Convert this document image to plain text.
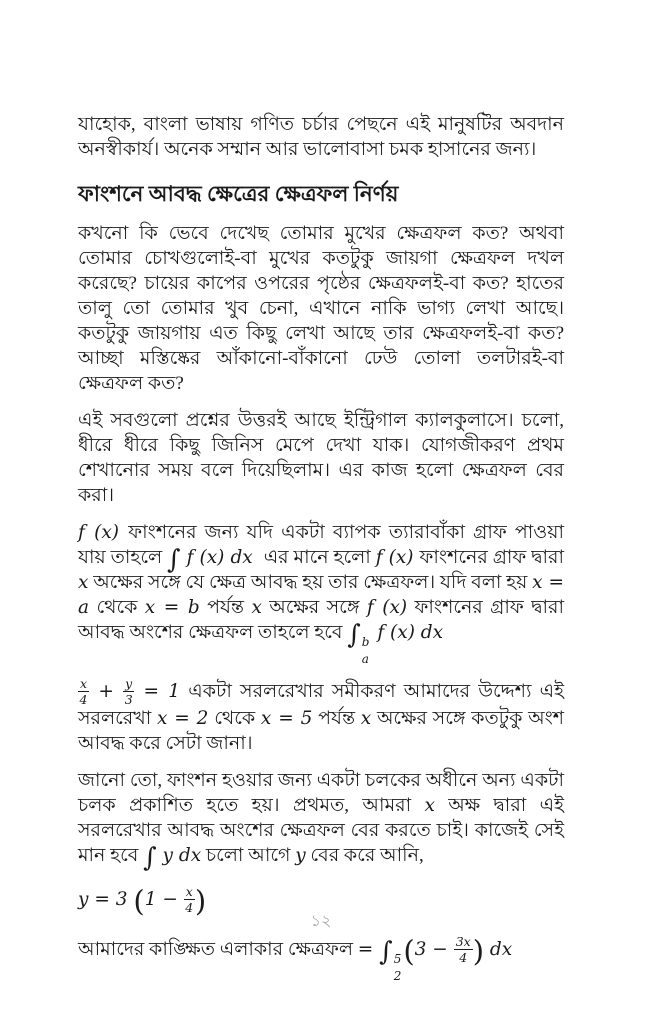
যাহোক, বাংলা ভাষায় গণিত চর্চার পেছনে এই মানুষটির অবদান অনস্বীকার্য। অনেক সম্মান আর ভালোবাসা চমক হাসানের জন্য।

ফাংশনে আবদ্ধ ক্ষেত্রের ক্ষেত্রফল নির্ণয়

কখনো কি ভেবে দেখেছ তোমার মুখের ক্ষেত্রফল কত? অথবা তোমার চোখগুলোই-বা মুখের কতটুকু জায়গা ক্ষেত্রফল দখল করেছে? চায়ের কাপের ওপরের পৃষ্ঠের ক্ষেত্রফলই-বা কত? হাতের তালু তো তোমার খুব চেনা, এখানে নাকি ভাগ্য লেখা আছে। কতটুকু জায়গায় এত কিছু লেখা আছে তার ক্ষেত্রফলই-বা কত? আচ্ছা মস্তিষ্কের আঁকানো-বাঁকানো ঢেউ তোলা তলটারই-বা ক্ষেত্রফল কত?

এই সবগুলো প্রশ্নের উত্তরই আছে ইন্ট্রিগাল ক্যালকুলাসে। চলো, ধীরে ধীরে কিছু জিনিস মেপে দেখা যাক। যোগজীকরণ প্রথম শেখানোর সময় বলে দিয়েছিলাম। এর কাজ হলো ক্ষেত্রফল বের করা।

f (x) ফাংশনের জন্য যদি একটা ব্যাপক ত্যারাবাঁকা গ্রাফ পাওয়া যায় তাহলে ∫ f (x) dx  এর মানে হলো f (x) ফাংশনের গ্রাফ দ্বারা x অক্ষের সঙ্গে যে ক্ষেত্র আবদ্ধ হয় তার ক্ষেত্রফল। যদি বলা হয় x = a থেকে x = b পর্যন্ত x অক্ষের সঙ্গে f (x) ফাংশনের গ্রাফ দ্বারা আবদ্ধ অংশের ক্ষেত্রফল তাহলে হবে ∫ b
a
f (x) dx

$\frac{x}{4} + \frac{y}{3} = 1$ একটা সরলরেখার সমীকরণ আমাদের উদ্দেশ্য এই সরলরেখা x = 2 থেকে x = 5 পর্যন্ত x অক্ষের সঙ্গে কতটুকু অংশ আবদ্ধ করে সেটা জানা।

জানো তো, ফাংশন হওয়ার জন্য একটা চলকের অধীনে অন্য একটা চলক প্রকাশিত হতে হয়। প্রথমত, আমরা x অক্ষ দ্বারা এই সরলরেখার আবদ্ধ অংশের ক্ষেত্রফল বের করতে চাই। কাজেই সেই মান হবে ∫ y dx চলো আগে y বের করে আনি,

y = 3 ($1 - \frac{x}{4}$ )

আমাদের কাঙ্ক্ষিত এলাকার ক্ষেত্রফল = ∫ 5
2
($3 - \frac{3x}{4}$ ) dx

১২
